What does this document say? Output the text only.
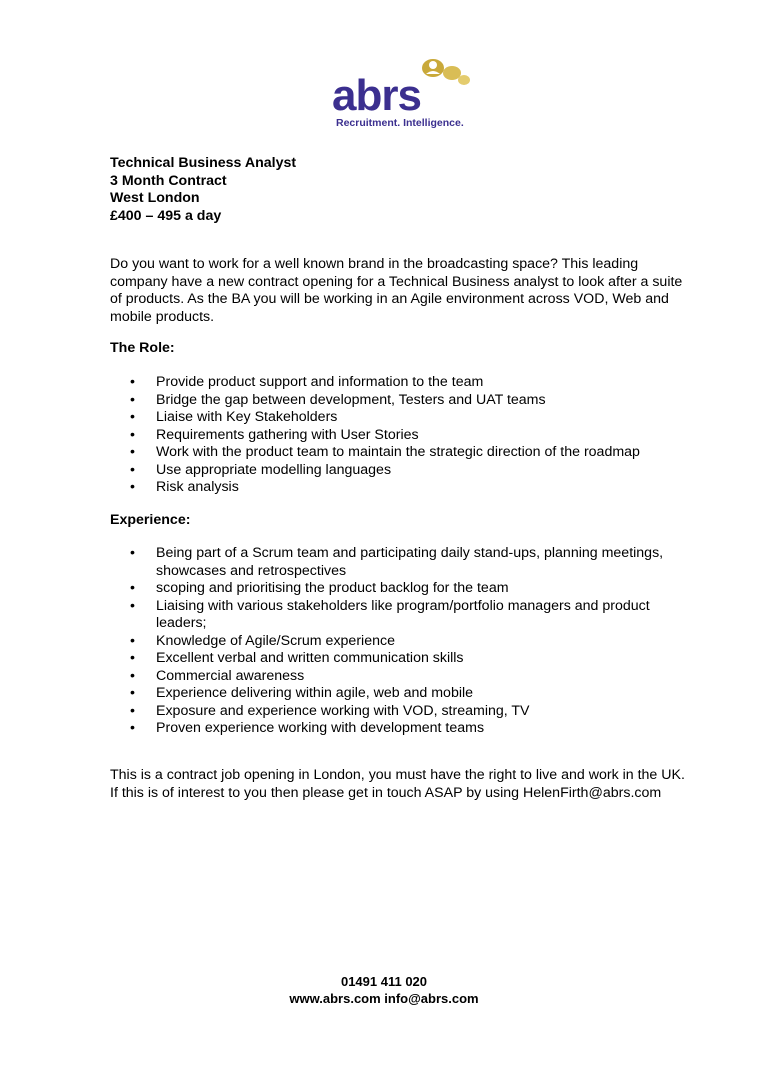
abrs
Recruitment. Intelligence.
Technical Business Analyst
3 Month Contract
West London
£400 – 495 a day
Do you want to work for a well known brand in the broadcasting space? This leading company have a new contract opening for a Technical Business analyst to look after a suite of products. As the BA you will be working in an Agile environment across VOD, Web and mobile products.
The Role:
• Provide product support and information to the team
• Bridge the gap between development, Testers and UAT teams
• Liaise with Key Stakeholders
• Requirements gathering with User Stories
• Work with the product team to maintain the strategic direction of the roadmap
• Use appropriate modelling languages
• Risk analysis
Experience:
• Being part of a Scrum team and participating daily stand-ups, planning meetings, showcases and retrospectives
• scoping and prioritising the product backlog for the team
• Liaising with various stakeholders like program/portfolio managers and product leaders;
• Knowledge of Agile/Scrum experience
• Excellent verbal and written communication skills
• Commercial awareness
• Experience delivering within agile, web and mobile
• Exposure and experience working with VOD, streaming, TV
• Proven experience working with development teams
This is a contract job opening in London, you must have the right to live and work in the UK.
If this is of interest to you then please get in touch ASAP by using HelenFirth@abrs.com
01491 411 020
www.abrs.com info@abrs.com
